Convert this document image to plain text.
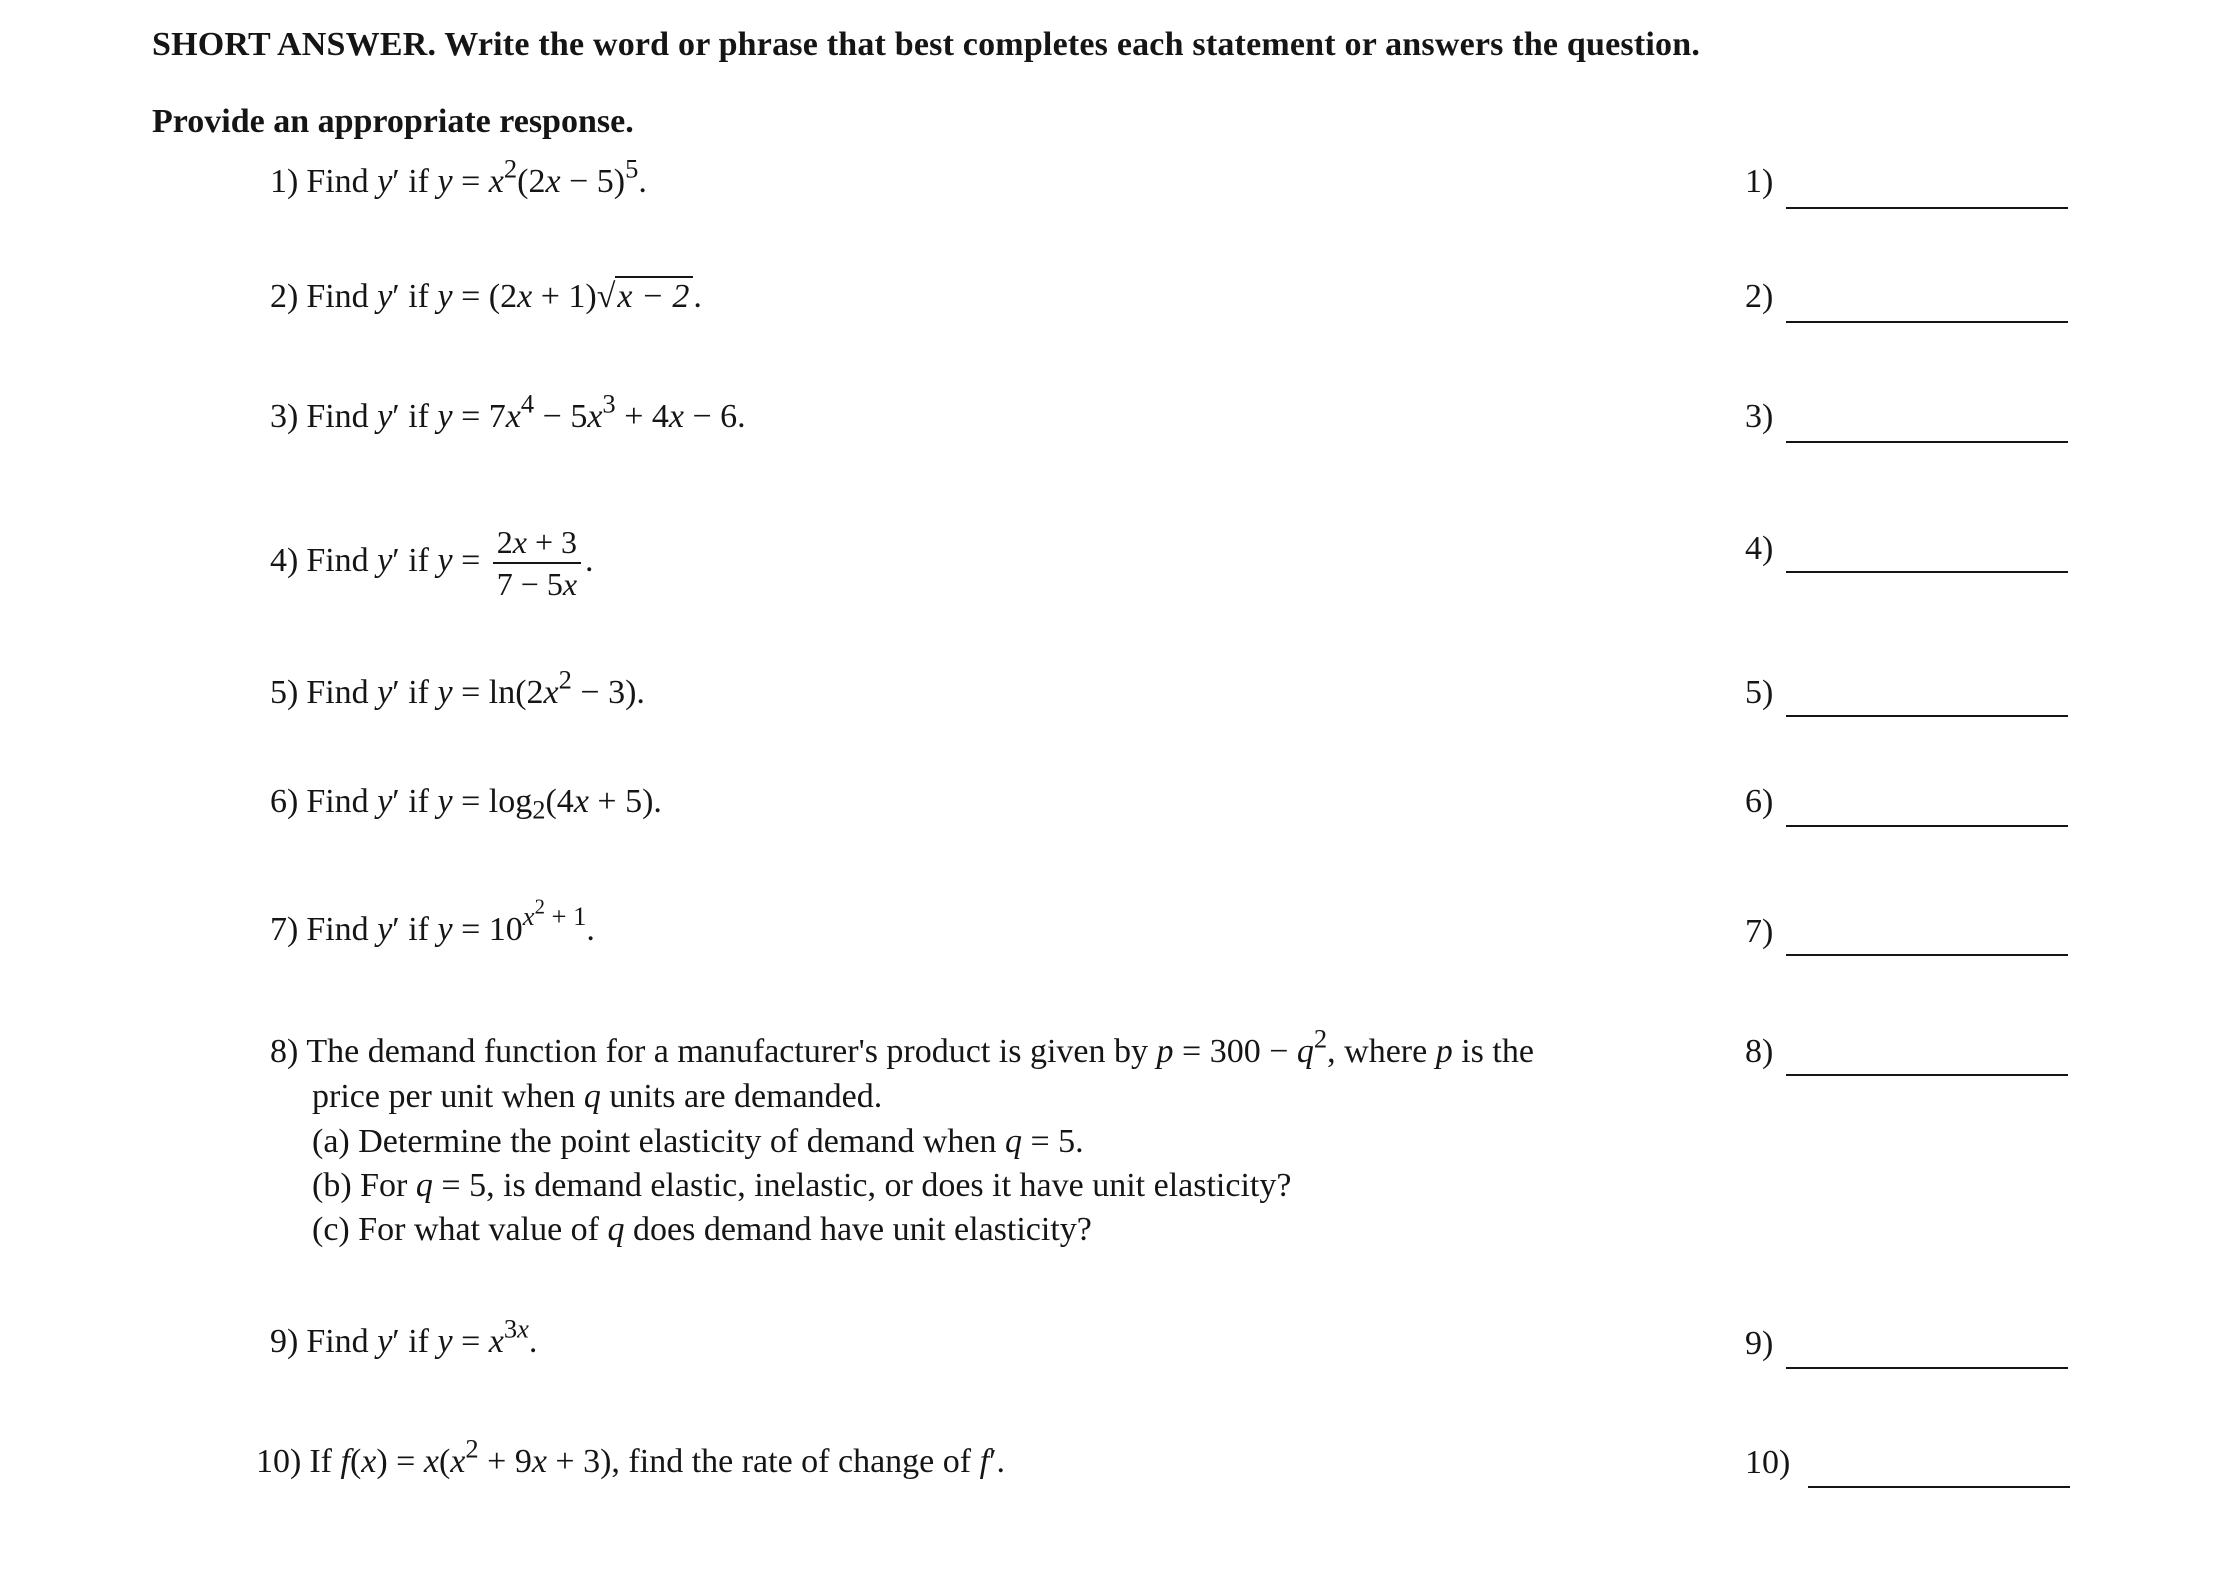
SHORT ANSWER. Write the word or phrase that best completes each statement or answers the question.
Provide an appropriate response.
1) Find y′ if $y = x^2(2x - 5)^5$.	1)
2) Find y′ if y = (2x + 1)√x − 2 .	2)
3) Find y′ if $y = 7x^4 - 5x^3 + 4x - 6$.	3)
4) Find y′ if $y = \frac{2x + 3}{7 - 5x}$ .	4)
5) Find y′ if $y = \ln(2x^2 - 3)$.	5)
6) Find y′ if $y = \log_2(4x + 5)$.	6)
7) Find y′ if $y = 10^{x^2 + 1}$.	7)
8) The demand function for a manufacturer's product is given by $p = 300 - q^2$, where p is the
price per unit when q units are demanded.
(a) Determine the point elasticity of demand when q = 5.
(b) For q = 5, is demand elastic, inelastic, or does it have unit elasticity?
(c) For what value of q does demand have unit elasticity?
8)
9) Find y′ if $y = x^{3x}$.	9)
10) If $f(x) = x(x^2 + 9x + 3)$, find the rate of change of f′.	10)
